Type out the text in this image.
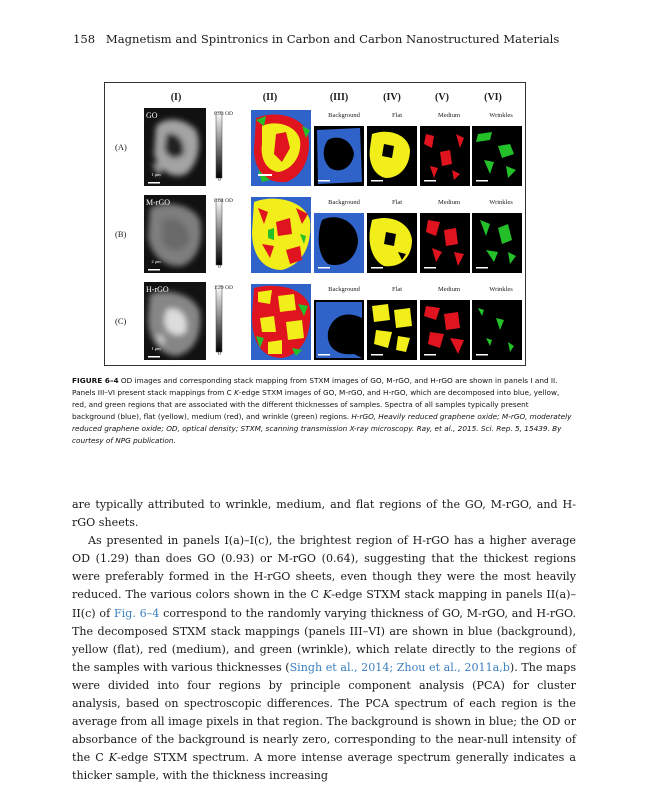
158 Magnetism and Spintronics in Carbon and Carbon Nanostructured Materials
(I)	(II)	(III)	(IV)	(V)	(VI)
(A)
(B)
(C)
GO	0.93 OD
0
Background	Flat	Medium	Wrinkles
M-rGO	0.64 OD
0
Background	Flat	Medium	Wrinkles
H-rGO	1.29 OD
0
Background	Flat	Medium	Wrinkles
1 μm
2 μm
1 μm
FIGURE 6–4 OD images and corresponding stack mapping from STXM images of GO, M-rGO, and H-rGO are shown in panels I and II. Panels III–VI present stack mappings from C K-edge STXM images of GO, M-rGO, and H-rGO, which are decomposed into blue, yellow, red, and green regions that are associated with the different thicknesses of samples. Spectra of all samples typically present background (blue), flat (yellow), medium (red), and wrinkle (green) regions. H-rGO, Heavily reduced graphene oxide; M-rGO, moderately reduced graphene oxide; OD, optical density; STXM, scanning transmission X-ray microscopy. Ray, et al., 2015. Sci. Rep. 5, 15439. By courtesy of NPG publication.

are typically attributed to wrinkle, medium, and flat regions of the GO, M-rGO, and H-rGO sheets.

As presented in panels I(a)–I(c), the brightest region of H-rGO has a higher average OD (1.29) than does GO (0.93) or M-rGO (0.64), suggesting that the thickest regions were preferably formed in the H-rGO sheets, even though they were the most heavily reduced. The various colors shown in the C K-edge STXM stack mapping in panels II(a)–II(c) of Fig. 6–4 correspond to the randomly varying thickness of GO, M-rGO, and H-rGO. The decomposed STXM stack mappings (panels III–VI) are shown in blue (background), yellow (flat), red (medium), and green (wrinkle), which relate directly to the regions of the samples with various thicknesses (Singh et al., 2014; Zhou et al., 2011a,b). The maps were divided into four regions by principle component analysis (PCA) for cluster analysis, based on spectroscopic differences. The PCA spectrum of each region is the average from all image pixels in that region. The background is shown in blue; the OD or absorbance of the background is nearly zero, corresponding to the near-null intensity of the C K-edge STXM spectrum. A more intense average spectrum generally indicates a thicker sample, with the thickness increasing
